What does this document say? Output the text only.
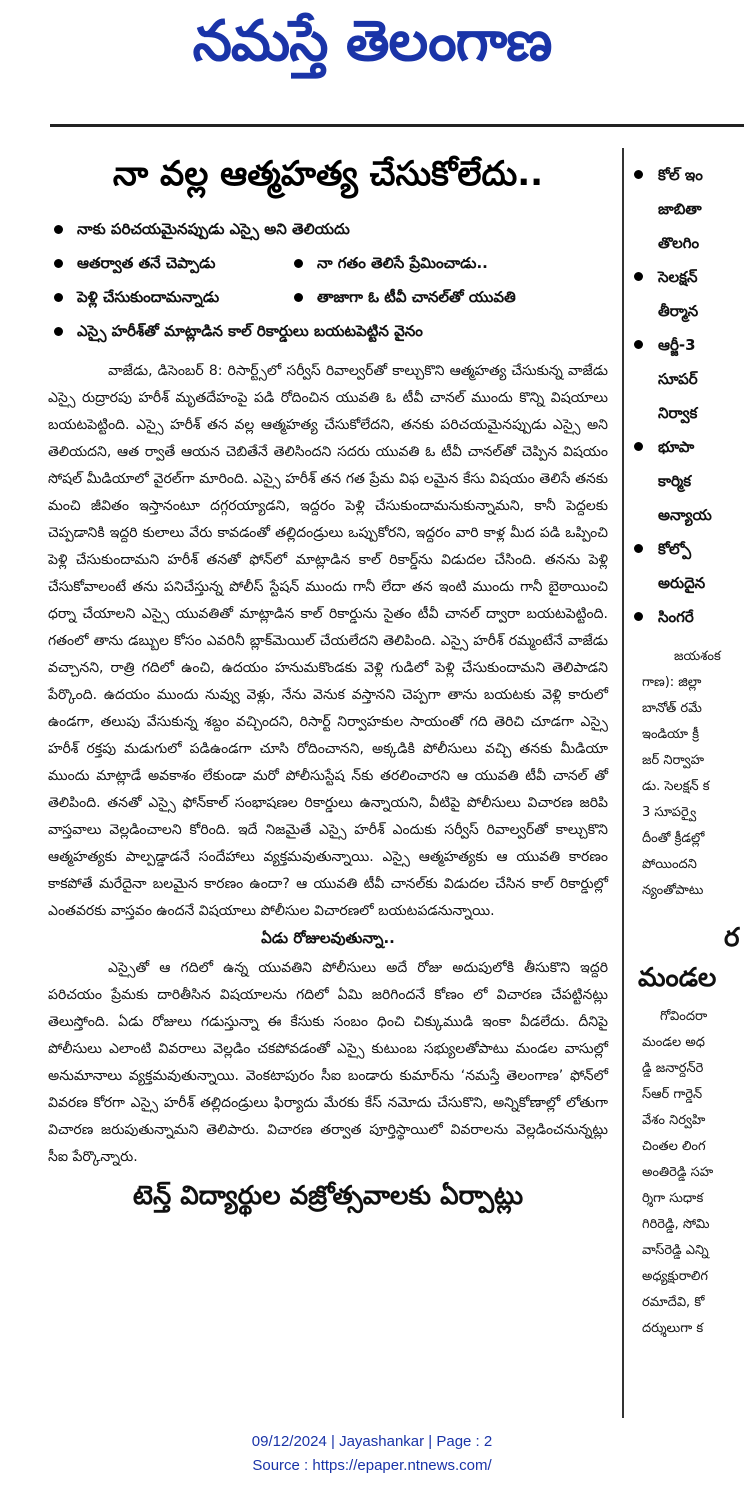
నమస్తే తెలంగాణ
నా వల్ల ఆత్మహత్య చేసుకోలేదు..
నాకు పరిచయమైనప్పుడు ఎస్సై అని తెలియదు
ఆతర్వాత తనే చెప్పాడు	నా గతం తెలిసే ప్రేమించాడు..
పెళ్లి చేసుకుందామన్నాడు	తాజాగా ఓ టీవీ చానల్‌తో యువతి
ఎస్సై హరీశ్‌తో మాట్లాడిన కాల్ రికార్డులు బయటపెట్టిన వైనం

వాజేడు, డిసెంబర్ 8: రిసార్ట్స్‌లో సర్వీస్ రివాల్వర్‌తో కాల్చుకొని ఆత్మహత్య చేసుకున్న వాజేడు ఎస్సై రుద్రారపు హరీశ్ మృతదేహంపై పడి రోదించిన యువతి ఓ టీవీ చానల్ ముందు కొన్ని విషయాలు బయటపెట్టింది. ఎస్సై హరీశ్ తన వల్ల ఆత్మహత్య చేసుకోలేదని, తనకు పరిచయమైనప్పుడు ఎస్సై అని తెలియదని, ఆత ర్వాతే ఆయన చెబితేనే తెలిసిందని సదరు యువతి ఓ టీవీ చానల్‌తో చెప్పిన విషయం సోషల్ మీడియాలో వైరల్‌గా మారింది. ఎస్సై హరీశ్ తన గత ప్రేమ విఫ లమైన కేసు విషయం తెలిసే తనకు మంచి జీవితం ఇస్తానంటూ దగ్గరయ్యాడని, ఇద్దరం పెళ్లి చేసుకుందామనుకున్నామని, కానీ పెద్దలకు చెప్పడానికి ఇద్దరి కులాలు వేరు కావడంతో తల్లిదండ్రులు ఒప్పుకోరని, ఇద్దరం వారి కాళ్ల మీద పడి ఒప్పించి పెళ్లి చేసుకుందామని హరీశ్ తనతో ఫోన్‌లో మాట్లాడిన కాల్ రికార్డ్‌ను విడుదల చేసింది. తనను పెళ్లి చేసుకోవాలంటే తను పనిచేస్తున్న పోలీస్ స్టేషన్ ముందు గానీ లేదా తన ఇంటి ముందు గానీ బైఠాయించి ధర్నా చేయాలని ఎస్సై యువతితో మాట్లాడిన కాల్ రికార్డును సైతం టీవీ చానల్ ద్వారా బయటపెట్టింది. గతంలో తాను డబ్బుల కోసం ఎవరినీ బ్లాక్‌మెయిల్ చేయలేదని తెలిపింది. ఎస్సై హరీశ్ రమ్మంటేనే వాజేడు వచ్చానని, రాత్రి గదిలో ఉంచి, ఉదయం హనుమకొండకు వెళ్లి గుడిలో పెళ్లి చేసుకుందామని తెలిపాడని పేర్కొంది. ఉదయం ముందు నువ్వు వెళ్లు, నేను వెనుక వస్తానని చెప్పగా తాను బయటకు వెళ్లి కారులో ఉండగా, తలుపు వేసుకున్న శబ్దం వచ్చిందని, రిసార్ట్ నిర్వాహకుల సాయంతో గది తెరిచి చూడగా ఎస్సై హరీశ్ రక్తపు మడుగులో పడిఉండగా చూసి రోదించానని, అక్కడికి పోలీసులు వచ్చి తనకు మీడియా ముందు మాట్లాడే అవకాశం లేకుండా మరో పోలీసుస్టేష న్‌కు తరలించారని ఆ యువతి టీవీ చానల్ తో తెలిపింది. తనతో ఎస్సై ఫోన్‌కాల్ సంభాషణల రికార్డులు ఉన్నాయని, వీటిపై పోలీసులు విచారణ జరిపి వాస్తవాలు వెల్లడించాలని కోరింది. ఇదే నిజమైతే ఎస్సై హరీశ్ ఎందుకు సర్వీస్ రివాల్వర్‌తో కాల్చుకొని ఆత్మహత్యకు పాల్పడ్డాడనే సందేహాలు వ్యక్తమవుతున్నాయి. ఎస్సై ఆత్మహత్యకు ఆ యువతి కారణం కాకపోతే మరేదైనా బలమైన కారణం ఉందా? ఆ యువతి టీవీ చానల్‌కు విడుదల చేసిన కాల్ రికార్డుల్లో ఎంతవరకు వాస్తవం ఉందనే విషయాలు పోలీసుల విచారణలో బయటపడనున్నాయి.

ఏడు రోజులవుతున్నా..

ఎస్సైతో ఆ గదిలో ఉన్న యువతిని పోలీసులు అదే రోజు అదుపులోకి తీసుకొని ఇద్దరి పరిచయం ప్రేమకు దారితీసిన విషయాలను గదిలో ఏమి జరిగిందనే కోణం లో విచారణ చేపట్టినట్లు తెలుస్తోంది. ఏడు రోజులు గడుస్తున్నా ఈ కేసుకు సంబం ధించి చిక్కుముడి ఇంకా వీడలేదు. దీనిపై పోలీసులు ఎలాంటి వివరాలు వెల్లడిం చకపోవడంతో ఎస్సై కుటుంబ సభ్యులతోపాటు మండల వాసుల్లో అనుమానాలు వ్యక్తమవుతున్నాయి. వెంకటాపురం సీఐ బండారు కుమార్‌ను ‘నమస్తే తెలంగాణ’ ఫోన్‌లో వివరణ కోరగా ఎస్సై హరీశ్ తల్లిదండ్రులు ఫిర్యాదు మేరకు కేస్ నమోదు చేసుకొని, అన్నికోణాల్లో లోతుగా విచారణ జరుపుతున్నామని తెలిపారు. విచారణ తర్వాత పూర్తిస్థాయిలో వివరాలను వెల్లడించనున్నట్లు సీఐ పేర్కొన్నారు.

టెన్త్ విద్యార్థుల వజ్రోత్సవాలకు ఏర్పాట్లు
కోల్ ఇం
జాబితా
తొలగిం
సెలక్షన్
తీర్మాన
ఆర్జీ-3
సూపర్
నిర్వాక
భూపా
కార్మిక
అన్యాయ
కోల్పో
అరుదైన
సింగరే
జయశంక
గాణ): జిల్లా
బానోత్ రమే
ఇండియా క్రీ
జర్ నిర్వాహ
డు. సెలక్షన్ క
3 సూపర్వై
దీంతో క్రీడల్లో
పోయిందని
న్యంతోపాటు
ర
మండల
గోవిందరా
మండల అధ
డ్డి జనార్దన్‌రె
స్‌ఆర్ గార్డెన్
వేశం నిర్వహి
చింతల లింగ
అంతిరెడ్డి సహ
ర్శిగా సుధాక
గిరిరెడ్డి, సోమి
వాస్‌రెడ్డి ఎన్ని
అధ్యక్షురాలిగ
రమాదేవి, కో
దర్శులుగా క
09/12/2024 | Jayashankar | Page : 2
Source : https://epaper.ntnews.com/
